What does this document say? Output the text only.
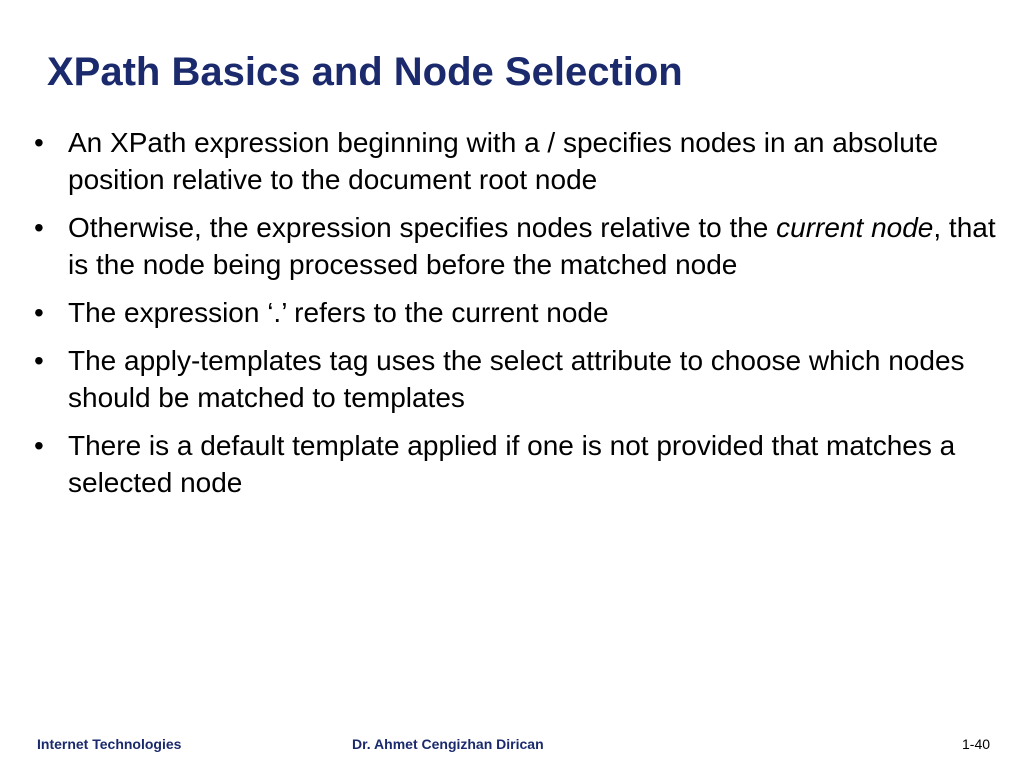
XPath Basics and Node Selection
• An XPath expression beginning with a / specifies nodes in an absolute position relative to the document root node
• Otherwise, the expression specifies nodes relative to the current node, that is the node being processed before the matched node
• The expression ‘.’ refers to the current node
• The apply-templates tag uses the select attribute to choose which nodes should be matched to templates
• There is a default template applied if one is not provided that matches a selected node
Internet Technologies	Dr. Ahmet Cengizhan Dirican	1-40
